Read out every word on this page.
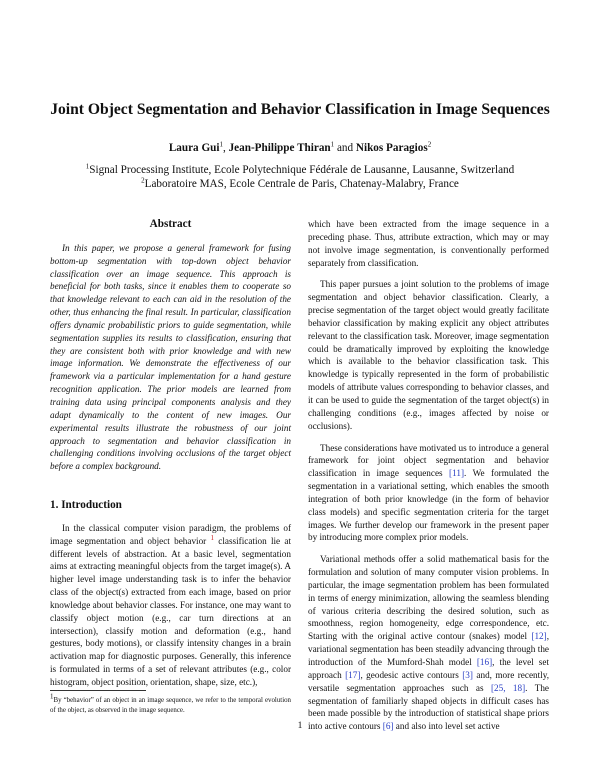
Joint Object Segmentation and Behavior Classification in Image Sequences
Laura Gui$^1$, Jean-Philippe Thiran$^1$ and Nikos Paragios$^2$
$^1$Signal Processing Institute, Ecole Polytechnique Fédérale de Lausanne, Lausanne, Switzerland
$^2$Laboratoire MAS, Ecole Centrale de Paris, Chatenay-Malabry, France
Abstract

In this paper, we propose a general framework for fusing bottom-up segmentation with top-down object behavior classification over an image sequence. This approach is beneficial for both tasks, since it enables them to cooperate so that knowledge relevant to each can aid in the resolution of the other, thus enhancing the final result. In particular, classification offers dynamic probabilistic priors to guide segmentation, while segmentation supplies its results to classification, ensuring that they are consistent both with prior knowledge and with new image information. We demonstrate the effectiveness of our framework via a particular implementation for a hand gesture recognition application. The prior models are learned from training data using principal components analysis and they adapt dynamically to the content of new images. Our experimental results illustrate the robustness of our joint approach to segmentation and behavior classification in challenging conditions involving occlusions of the target object before a complex background.

1. Introduction

In the classical computer vision paradigm, the problems of image segmentation and object behavior $^1$ classification lie at different levels of abstraction. At a basic level, segmentation aims at extracting meaningful objects from the target image(s). A higher level image understanding task is to infer the behavior class of the object(s) extracted from each image, based on prior knowledge about behavior classes. For instance, one may want to classify object motion (e.g., car turn directions at an intersection), classify motion and deformation (e.g., hand gestures, body motions), or classify intensity changes in a brain activation map for diagnostic purposes. Generally, this inference is formulated in terms of a set of relevant attributes (e.g., color histogram, object position, orientation, shape, size, etc.),

which have been extracted from the image sequence in a preceding phase. Thus, attribute extraction, which may or may not involve image segmentation, is conventionally performed separately from classification.

This paper pursues a joint solution to the problems of image segmentation and object behavior classification. Clearly, a precise segmentation of the target object would greatly facilitate behavior classification by making explicit any object attributes relevant to the classification task. Moreover, image segmentation could be dramatically improved by exploiting the knowledge which is available to the behavior classification task. This knowledge is typically represented in the form of probabilistic models of attribute values corresponding to behavior classes, and it can be used to guide the segmentation of the target object(s) in challenging conditions (e.g., images affected by noise or occlusions).

These considerations have motivated us to introduce a general framework for joint object segmentation and behavior classification in image sequences [11]. We formulated the segmentation in a variational setting, which enables the smooth integration of both prior knowledge (in the form of behavior class models) and specific segmentation criteria for the target images. We further develop our framework in the present paper by introducing more complex prior models.

Variational methods offer a solid mathematical basis for the formulation and solution of many computer vision problems. In particular, the image segmentation problem has been formulated in terms of energy minimization, allowing the seamless blending of various criteria describing the desired solution, such as smoothness, region homogeneity, edge correspondence, etc. Starting with the original active contour (snakes) model [12], variational segmentation has been steadily advancing through the introduction of the Mumford-Shah model [16], the level set approach [17], geodesic active contours [3] and, more recently, versatile segmentation approaches such as [25, 18]. The segmentation of familiarly shaped objects in difficult cases has been made possible by the introduction of statistical shape priors into active contours [6] and also into level set active

$^1$By “behavior” of an object in an image sequence, we refer to the temporal evolution of the object, as observed in the image sequence.
1
